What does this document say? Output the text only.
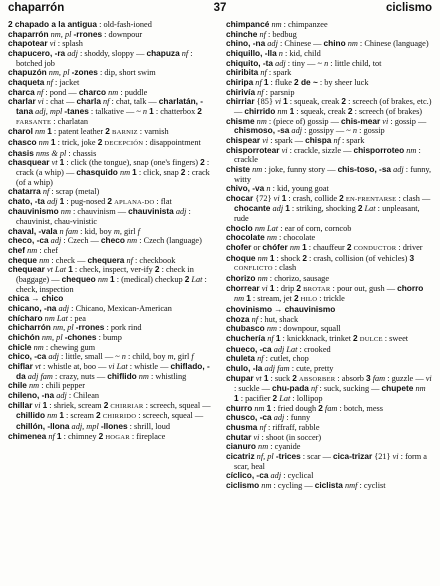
chaparrón	37	ciclismo
2 chapado a la antigua : old-fash-ioned
chaparrón nm, pl -rrones : downpour
chapotear vi : splash
chapucero, -ra adj : shoddy, sloppy — chapuza nf : botched job
chapuzón nm, pl -zones : dip, short swim
chaqueta nf : jacket
charca nf : pond — charco nm : puddle
charlar vi : chat — charla nf : chat, talk — charlatán, -tana adj, mpl -tanes : talkative — ~ n 1 : chatterbox 2 FARSANTE : charlatan
charol nm 1 : patent leather 2 BARNIZ : varnish
chasco nm 1 : trick, joke 2 DECEPCIÓN : disappointment
chasis nms & pl : chassis
chasquear vt 1 : click (the tongue), snap (one's fingers) 2 : crack (a whip) — chasquido nm 1 : click, snap 2 : crack (of a whip)
chatarra nf : scrap (metal)
chato, -ta adj 1 : pug-nosed 2 APLANA-DO : flat
chauvinismo nm : chauvinism — chauvinista adj : chauvinist, chau-vinistic
chaval, -vala n fam : kid, boy m, girl f
checo, -ca adj : Czech — checo nm : Czech (language)
chef nm : chef
cheque nm : check — chequera nf : checkbook
chequear vt Lat 1 : check, inspect, ver-ify 2 : check in (baggage) — chequeo nm 1 : (medical) checkup 2 Lat : check, inspection
chica → chico
chicano, -na adj : Chicano, Mexican-American
chícharo nm Lat : pea
chicharrón nm, pl -rrones : pork rind
chichón nm, pl -chones : bump
chicle nm : chewing gum
chico, -ca adj : little, small — ~ n : child, boy m, girl f
chiflar vt : whistle at, boo — vi Lat : whistle — chiflado, -da adj fam : crazy, nuts — chiflido nm : whistling
chile nm : chili pepper
chileno, -na adj : Chilean
chillar vi 1 : shriek, scream 2 CHIRRIAR : screech, squeal — chillido nm 1 : scream 2 CHIRRIDO : screech, squeal — chillón, -llona adj, mpl -llones : shrill, loud
chimenea nf 1 : chimney 2 HOGAR : fireplace
chimpancé nm : chimpanzee
chinche nf : bedbug
chino, -na adj : Chinese — chino nm : Chinese (language)
chiquillo, -lla n : kid, child
chiquito, -ta adj : tiny — ~ n : little child, tot
chiribita nf : spark
chiripa nf 1 : fluke 2 de ~ : by sheer luck
chirivía nf : parsnip
chirriar {85} vi 1 : squeak, creak 2 : screech (of brakes, etc.) — chirrido nm 1 : squeak, creak 2 : screech (of brakes)
chisme nm : (piece of) gossip — chis-mear vi : gossip — chismoso, -sa adj : gossipy — ~ n : gossip
chispear vi : spark — chispa nf : spark
chisporrotear vi : crackle, sizzle — chisporroteo nm : crackle
chiste nm : joke, funny story — chis-toso, -sa adj : funny, witty
chivo, -va n : kid, young goat
chocar {72} vi 1 : crash, collide 2 EN-FRENTARSE : clash — chocante adj 1 : striking, shocking 2 Lat : unpleasant, rude
choclo nm Lat : ear of corn, corncob
chocolate nm : chocolate
chofer or chófer nm 1 : chauffeur 2 CONDUCTOR : driver
choque nm 1 : shock 2 : crash, collision (of vehicles) 3 CONFLICTO : clash
chorizo nm : chorizo, sausage
chorrear vi 1 : drip 2 BROTAR : pour out, gush — chorro nm 1 : stream, jet 2 HILO : trickle
chovinismo → chauvinismo
choza nf : hut, shack
chubasco nm : downpour, squall
chuchería nf 1 : knickknack, trinket 2 DULCE : sweet
chueco, -ca adj Lat : crooked
chuleta nf : cutlet, chop
chulo, -la adj fam : cute, pretty
chupar vt 1 : suck 2 ABSORBER : absorb 3 fam : guzzle — vi : suckle — chu-pada nf : suck, sucking — chupete nm 1 : pacifier 2 Lat : lollipop
churro nm 1 : fried dough 2 fam : botch, mess
chusco, -ca adj : funny
chusma nf : riffraff, rabble
chutar vi : shoot (in soccer)
cianuro nm : cyanide
cicatriz nf, pl -trices : scar — cica-trizar {21} vi : form a scar, heal
cíclico, -ca adj : cyclical
ciclismo nm : cycling — ciclista nmf : cyclist
